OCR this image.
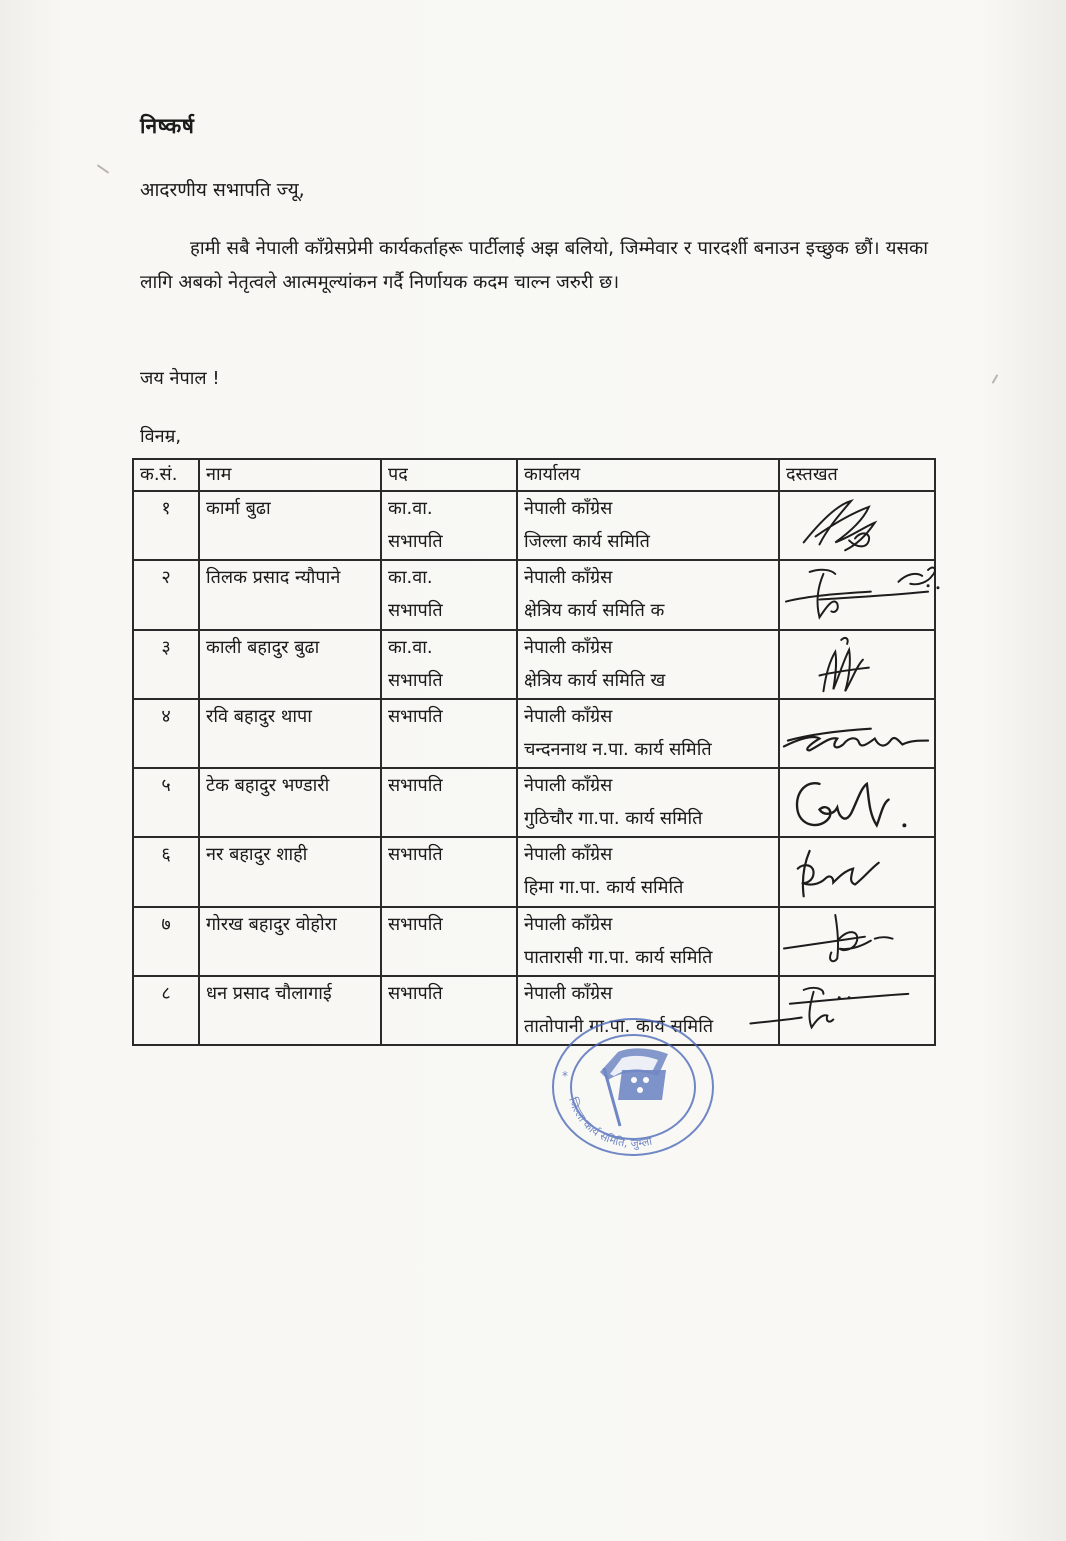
निष्कर्ष
आदरणीय सभापति ज्यू,
हामी सबै नेपाली काँग्रेसप्रेमी कार्यकर्ताहरू पार्टीलाई अझ बलियो, जिम्मेवार र पारदर्शी बनाउन इच्छुक छौं। यसका लागि अबको नेतृत्वले आत्ममूल्यांकन गर्दै निर्णायक कदम चाल्न जरुरी छ।
जय नेपाल !
विनम्र,
क.सं.	नाम	पद	कार्यालय	दस्तखत
१	कार्मा बुढा	का.वा.
सभापति	नेपाली काँग्रेस
जिल्ला कार्य समिति

२	तिलक प्रसाद न्यौपाने	का.वा.
सभापति	नेपाली काँग्रेस
क्षेत्रिय कार्य समिति क

३	काली बहादुर बुढा	का.वा.
सभापति	नेपाली काँग्रेस
क्षेत्रिय कार्य समिति ख

४	रवि बहादुर थापा	सभापति	नेपाली काँग्रेस
चन्दननाथ न.पा. कार्य समिति

५	टेक बहादुर भण्डारी	सभापति	नेपाली काँग्रेस
गुठिचौर गा.पा. कार्य समिति

६	नर बहादुर शाही	सभापति	नेपाली काँग्रेस
हिमा गा.पा. कार्य समिति

७	गोरख बहादुर वोहोरा	सभापति	नेपाली काँग्रेस
पातारासी गा.पा. कार्य समिति

८	धन प्रसाद चौलागाई	सभापति	नेपाली काँग्रेस
तातोपानी गा.पा. कार्य समिति

जिल्ला कार्य समिति, जुम्ला
*
